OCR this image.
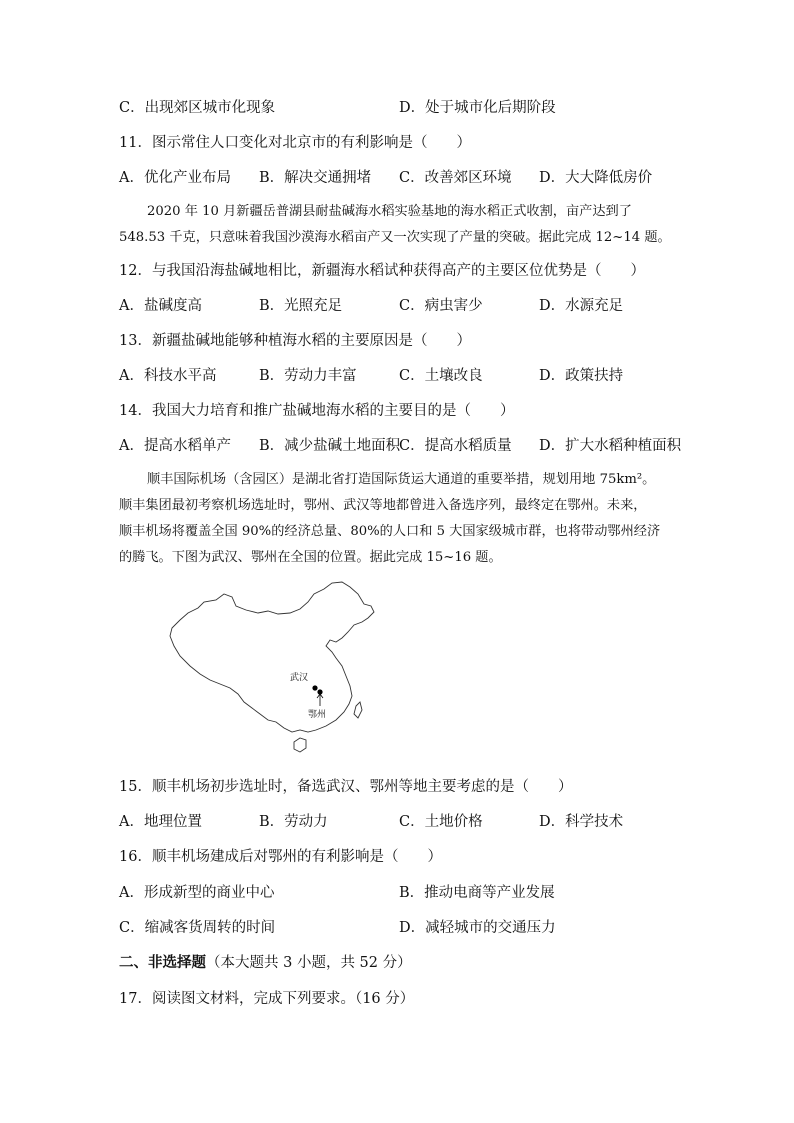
C．出现郊区城市化现象	D．处于城市化后期阶段
11．图示常住人口变化对北京市的有利影响是（　　）
A．优化产业布局 B．解决交通拥堵 C．改善郊区环境 D．大大降低房价
2020 年 10 月新疆岳普湖县耐盐碱海水稻实验基地的海水稻正式收割，亩产达到了
548.53 千克，只意味着我国沙漠海水稻亩产又一次实现了产量的突破。据此完成 12~14 题。
12．与我国沿海盐碱地相比，新疆海水稻试种获得高产的主要区位优势是（　　）
A．盐碱度高	B．光照充足	C．病虫害少	D．水源充足
13．新疆盐碱地能够种植海水稻的主要原因是（　　）
A．科技水平高	B．劳动力丰富	C．土壤改良	D．政策扶持
14．我国大力培育和推广盐碱地海水稻的主要目的是（　　）
A．提高水稻单产 B．减少盐碱土地面积
C．提高水稻质量 D．扩大水稻种植面积
顺丰国际机场（含园区）是湖北省打造国际货运大通道的重要举措，规划用地 75km²。
顺丰集团最初考察机场选址时，鄂州、武汉等地都曾进入备选序列，最终定在鄂州。未来，
顺丰机场将覆盖全国 90%的经济总量、80%的人口和 5 大国家级城市群，也将带动鄂州经济
的腾飞。下图为武汉、鄂州在全国的位置。据此完成 15~16 题。
武汉
鄂州
15．顺丰机场初步选址时，备选武汉、鄂州等地主要考虑的是（　　）
A．地理位置	B．劳动力	C．土地价格	D．科学技术
16．顺丰机场建成后对鄂州的有利影响是（　　）
A．形成新型的商业中心	B．推动电商等产业发展
C．缩减客货周转的时间	D．减轻城市的交通压力
二、非选择题（本大题共 3 小题，共 52 分）
17．阅读图文材料，完成下列要求。（16 分）
